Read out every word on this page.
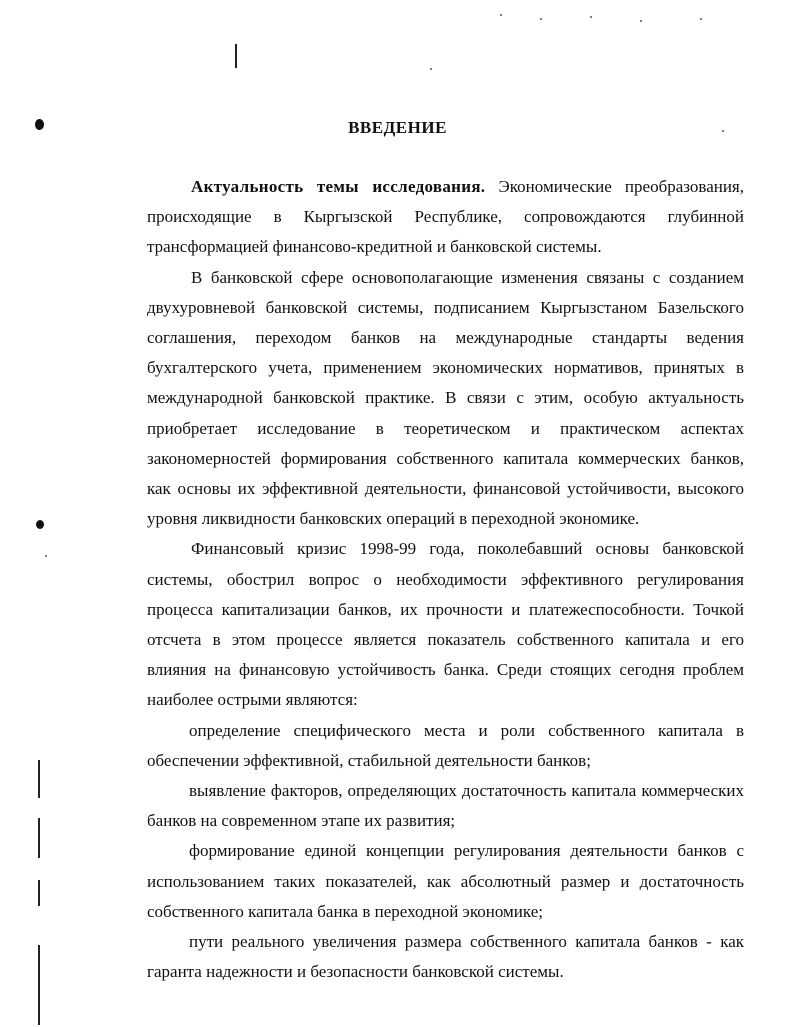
ВВЕДЕНИЕ

Актуальность темы исследования. Экономические преобразования, происходящие в Кыргызской Республике, сопровождаются глубинной трансформацией финансово-кредитной и банковской системы.

В банковской сфере основополагающие изменения связаны с созданием двухуровневой банковской системы, подписанием Кыргызстаном Базельского соглашения, переходом банков на международные стандарты ведения бухгалтерского учета, применением экономических нормативов, принятых в международной банковской практике. В связи с этим, особую актуальность приобретает исследование в теоретическом и практическом аспектах закономерностей формирования собственного капитала коммерческих банков, как основы их эффективной деятельности, финансовой устойчивости, высокого уровня ликвидности банковских операций в переходной экономике.

Финансовый кризис 1998-99 года, поколебавший основы банковской системы, обострил вопрос о необходимости эффективного регулирования процесса капитализации банков, их прочности и платежеспособности. Точкой отсчета в этом процессе является показатель собственного капитала и его влияния на финансовую устойчивость банка. Среди стоящих сегодня проблем наиболее острыми являются:

определение специфического места и роли собственного капитала в обеспечении эффективной, стабильной деятельности банков;

выявление факторов, определяющих достаточность капитала коммерческих банков на современном этапе их развития;

формирование единой концепции регулирования деятельности банков с использованием таких показателей, как абсолютный размер и достаточность собственного капитала банка в переходной экономике;

пути реального увеличения размера собственного капитала банков - как гаранта надежности и безопасности банковской системы.
